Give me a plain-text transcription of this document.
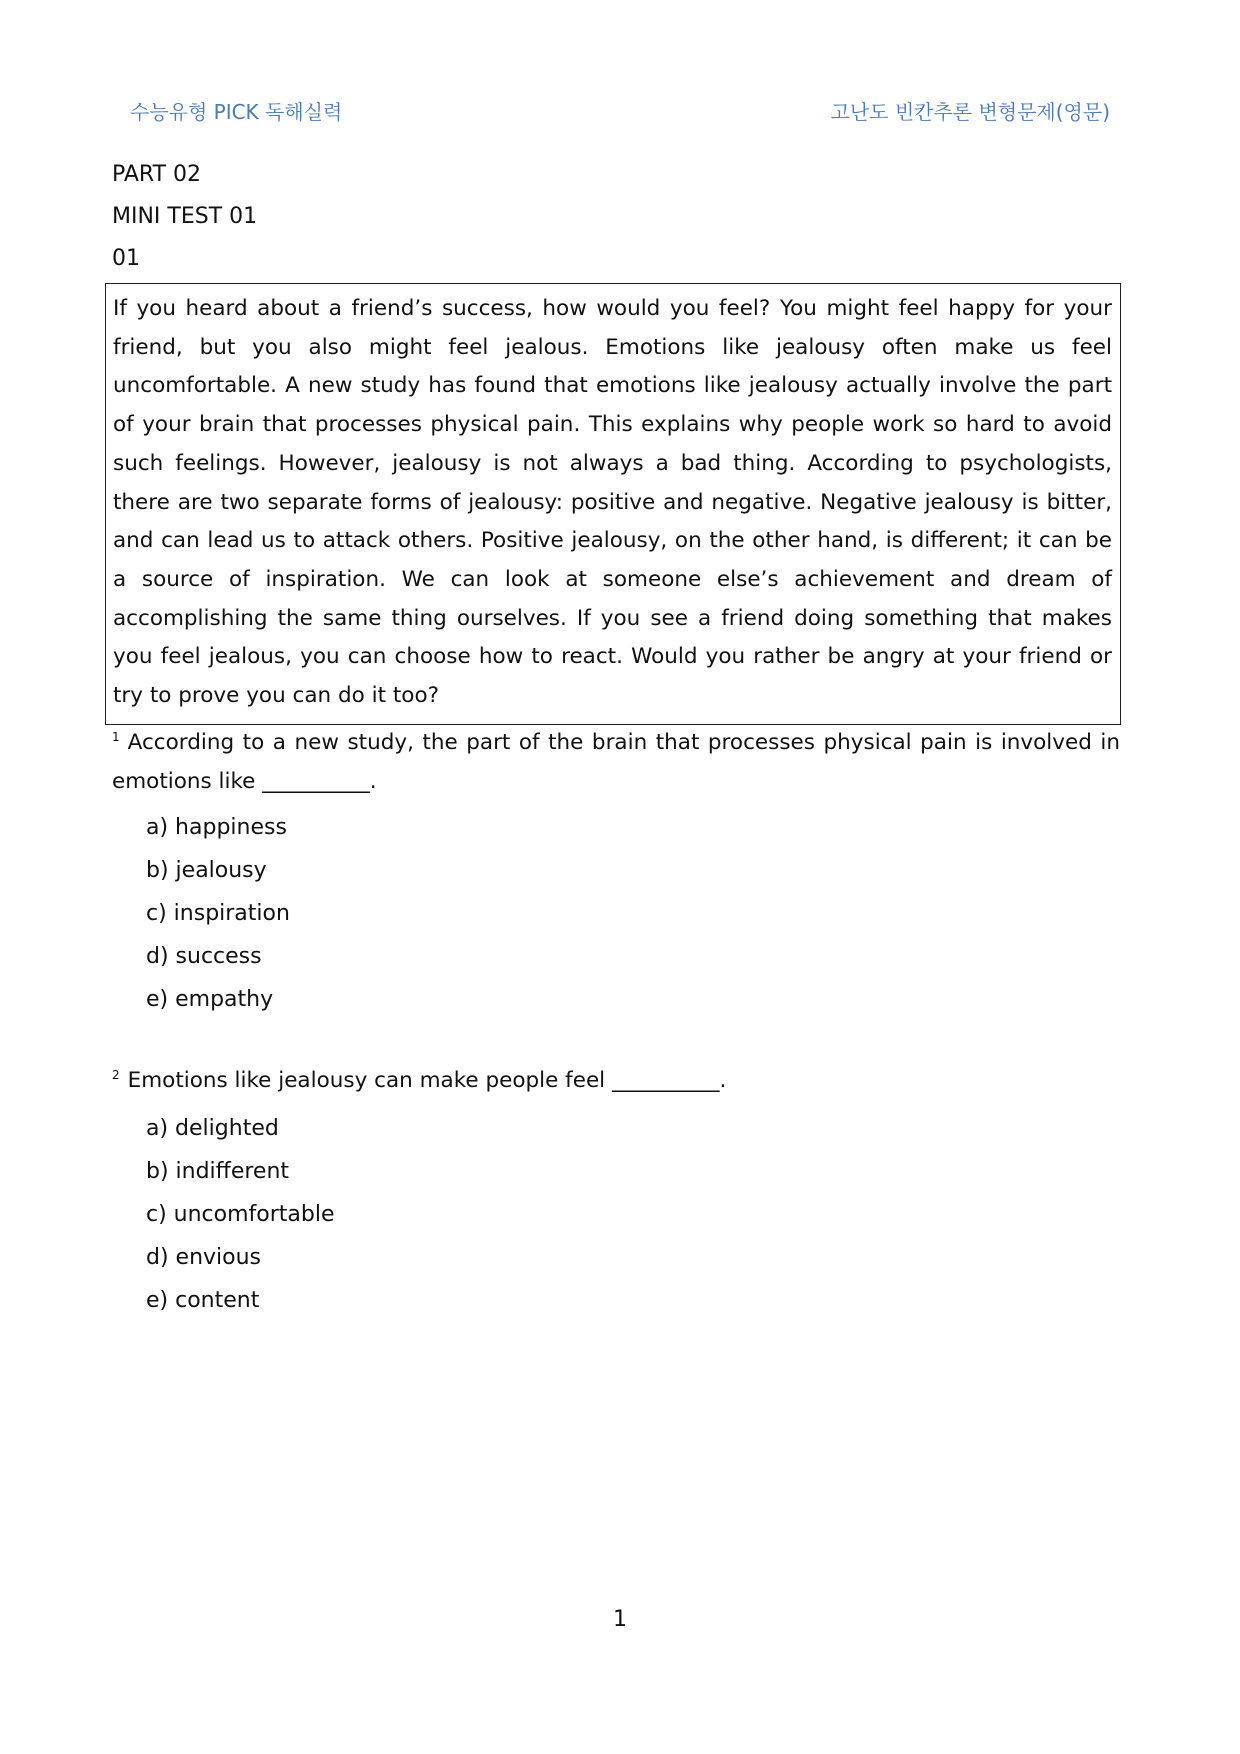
수능유형 PICK 독해실력	고난도 빈칸추론 변형문제(영문)
PART 02
MINI TEST 01
01
If you heard about a friend’s success, how would you feel? You might feel happy for your friend, but you also might feel jealous. Emotions like jealousy often make us feel uncomfortable. A new study has found that emotions like jealousy actually involve the part of your brain that processes physical pain. This explains why people work so hard to avoid such feelings. However, jealousy is not always a bad thing. According to psychologists, there are two separate forms of jealousy: positive and negative. Negative jealousy is bitter, and can lead us to attack others. Positive jealousy, on the other hand, is different; it can be a source of inspiration. We can look at someone else’s achievement and dream of accomplishing the same thing ourselves. If you see a friend doing something that makes you feel jealous, you can choose how to react. Would you rather be angry at your friend or try to prove you can do it too?
$^1$ According to a new study, the part of the brain that processes physical pain is involved in emotions like __________.
a) happiness
b) jealousy
c) inspiration
d) success
e) empathy
$^2$ Emotions like jealousy can make people feel __________.
a) delighted
b) indifferent
c) uncomfortable
d) envious
e) content
1
